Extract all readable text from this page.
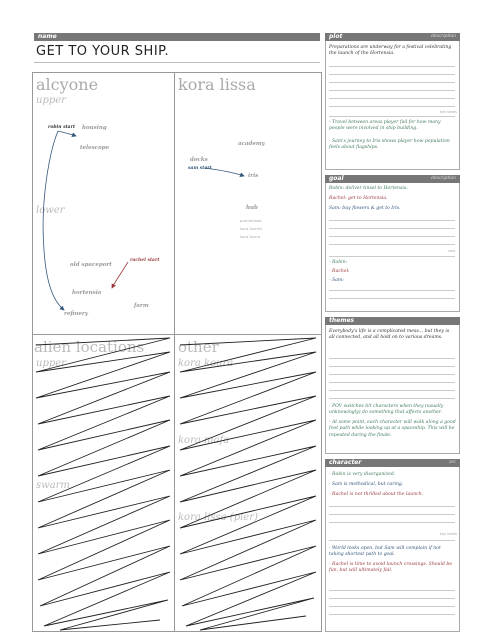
name
GET TO YOUR SHIP.
alcyone
upper
lower
robin start housing
telescope
old spaceport
rachel start
hortensia
farm
refinery
kora lissa
academy
docks
sam start
iris
hub
promenade
kora laurels
kora koura
alien locations
upper
swarm
other
kora koura
kora mafa
kora lissa (pier)
plot	description
Preparations are underway for a festival celebrating the launch of the Hortensia.
key beats
- Travel between areas player fail for how many people were involved in ship building.
- Sam's journey to Iris shows player how population feels about flagships.
goal	description
Robin: deliver tinsel to Hortensia.
Rachel: get to Hortensia.
Sam: buy flowers & get to Iris.
cast
- Robin:
- Rachel:
- Sam:
themes
Everybody's life is a complicated mess... but they is all connected, and all hold on to various dreams.
- POV switches b/t characters when they (usually unknowingly) do something that affects another.
- At some point, each character will walk along a good foot path while looking up at a spaceship. This will be repeated during the finale.
character	arc
- Robin is very disorganized.
- Sam is methodical, but caring.
- Rachel is not thrilled about the launch.
key beats
- World looks open, but Sam will complain if not taking shortest path to goal.
- Rachel is time to avoid launch crossings. Should be fun, but will ultimately fail.
